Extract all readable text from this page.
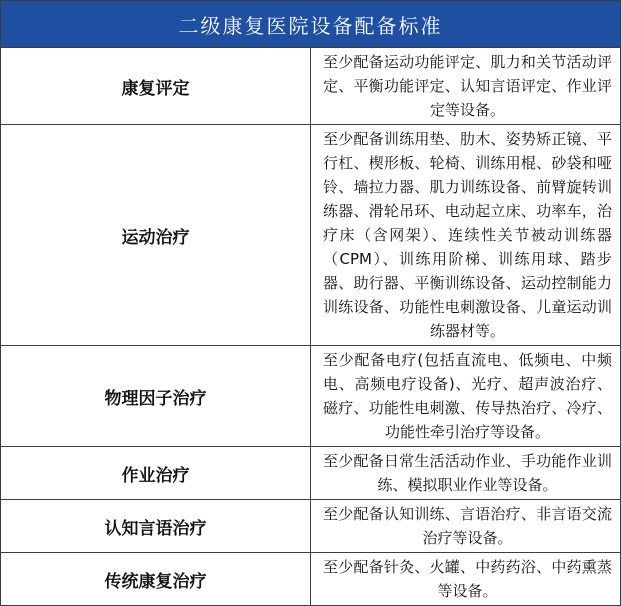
二级康复医院设备配备标准	
康复评定	至少配备运动功能评定、肌力和关节活动评定、平衡功能评定、认知言语评定、作业评定等设备。
运动治疗	至少配备训练用垫、肋木、姿势矫正镜、平行杠、楔形板、轮椅、训练用棍、砂袋和哑铃、墙拉力器、肌力训练设备、前臂旋转训练器、滑轮吊环、电动起立床、功率车，治疗床（含网架）、连续性关节被动训练器（CPM）、训练用阶梯、训练用球、踏步器、助行器、平衡训练设备、运动控制能力训练设备、功能性电刺激设备、儿童运动训练器材等。
物理因子治疗	至少配备电疗(包括直流电、低频电、中频电、高频电疗设备)、光疗、超声波治疗、磁疗、功能性电刺激、传导热治疗、冷疗、功能性牵引治疗等设备。
作业治疗	至少配备日常生活活动作业、手功能作业训练、模拟职业作业等设备。
认知言语治疗	至少配备认知训练、言语治疗、非言语交流治疗等设备。
传统康复治疗	至少配备针灸、火罐、中药药浴、中药熏蒸等设备。
